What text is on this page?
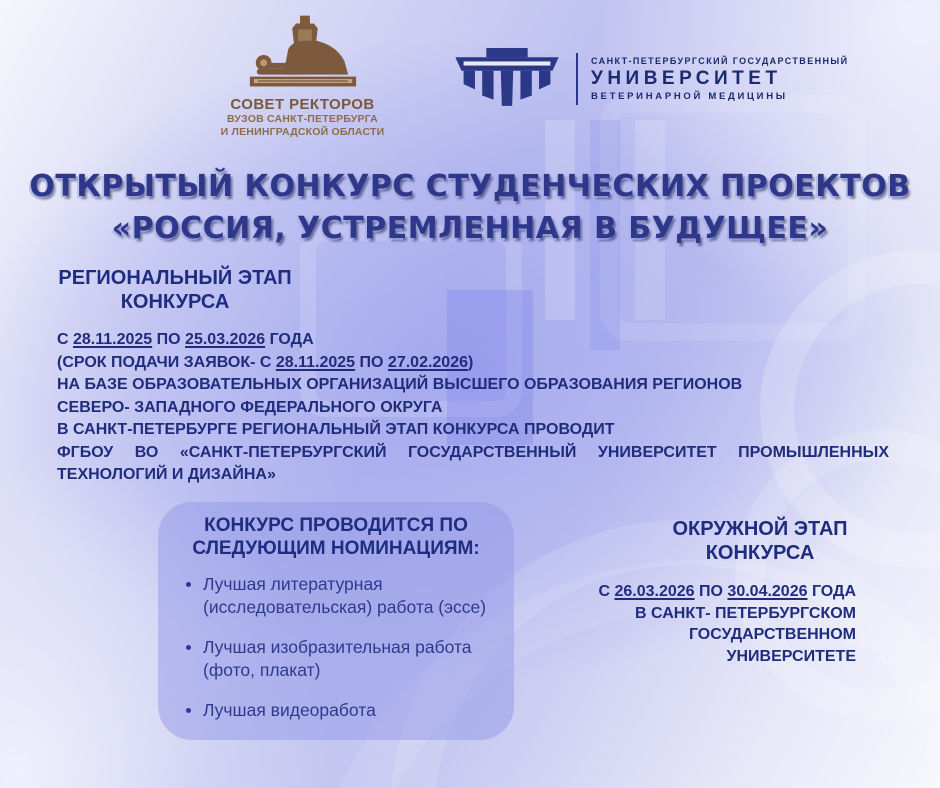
СОВЕТ РЕКТОРОВ
ВУЗОВ САНКТ-ПЕТЕРБУРГА
И ЛЕНИНГРАДСКОЙ ОБЛАСТИ
САНКТ-ПЕТЕРБУРГСКИЙ ГОСУДАРСТВЕННЫЙ
УНИВЕРСИТЕТ
ВЕТЕРИНАРНОЙ МЕДИЦИНЫ
ОТКРЫТЫЙ КОНКУРС СТУДЕНЧЕСКИХ ПРОЕКТОВ
«РОССИЯ, УСТРЕМЛЕННАЯ В БУДУЩЕЕ»
РЕГИОНАЛЬНЫЙ ЭТАП
КОНКУРСА
С 28.11.2025 ПО 25.03.2026 ГОДА
(СРОК ПОДАЧИ ЗАЯВОК- С 28.11.2025 ПО 27.02.2026)
НА БАЗЕ ОБРАЗОВАТЕЛЬНЫХ ОРГАНИЗАЦИЙ ВЫСШЕГО ОБРАЗОВАНИЯ РЕГИОНОВ
СЕВЕРО- ЗАПАДНОГО ФЕДЕРАЛЬНОГО ОКРУГА
В САНКТ-ПЕТЕРБУРГЕ РЕГИОНАЛЬНЫЙ ЭТАП КОНКУРСА ПРОВОДИТ
ФГБОУ ВО «САНКТ-ПЕТЕРБУРГСКИЙ ГОСУДАРСТВЕННЫЙ УНИВЕРСИТЕТ ПРОМЫШЛЕННЫХ
ТЕХНОЛОГИЙ И ДИЗАЙНА»
КОНКУРС ПРОВОДИТСЯ ПО
СЛЕДУЮЩИМ НОМИНАЦИЯМ:
Лучшая литературная (исследовательская) работа (эссе)
Лучшая изобразительная работа (фото, плакат)
Лучшая видеоработа
ОКРУЖНОЙ ЭТАП
КОНКУРСА
С 26.03.2026 ПО 30.04.2026 ГОДА
В САНКТ- ПЕТЕРБУРГСКОМ
ГОСУДАРСТВЕННОМ УНИВЕРСИТЕТЕ
